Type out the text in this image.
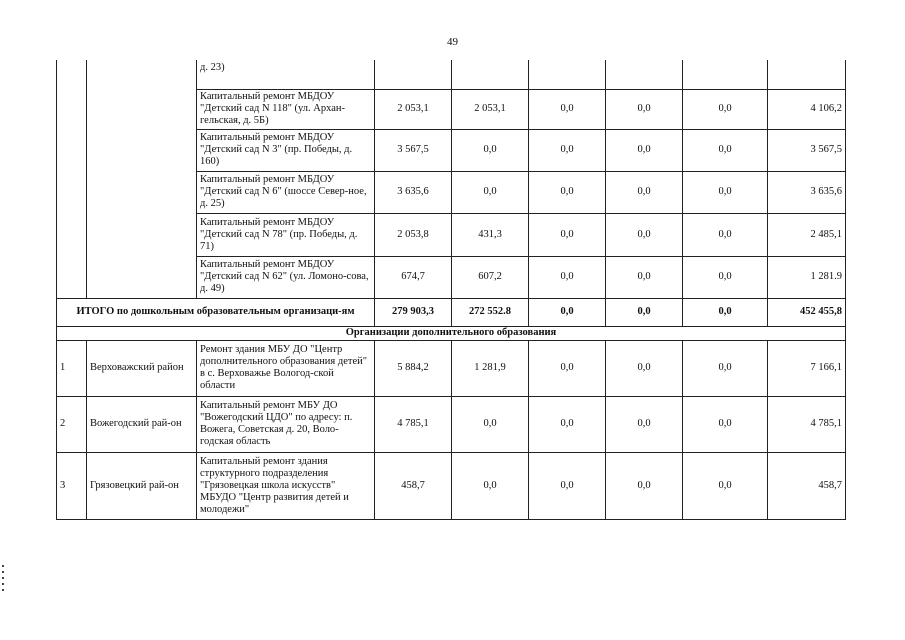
49
		д. 23)						
		Капитальный ремонт МБДОУ "Детский сад N 118" (ул. Архан-гельская, д. 5Б)	2 053,1	2 053,1	0,0	0,0	0,0	4 106,2
		Капитальный ремонт МБДОУ "Детский сад N 3" (пр. Победы, д. 160)	3 567,5	0,0	0,0	0,0	0,0	3 567,5
		Капитальный ремонт МБДОУ "Детский сад N 6" (шоссе Север-ное, д. 25)	3 635,6	0,0	0,0	0,0	0,0	3 635,6
		Капитальный ремонт МБДОУ "Детский сад N 78" (пр. Победы, д. 71)	2 053,8	431,3	0,0	0,0	0,0	2 485,1
		Капитальный ремонт МБДОУ "Детский сад N 62" (ул. Ломоно-сова, д. 49)	674,7	607,2	0,0	0,0	0,0	1 281.9
ИТОГО по дошкольным образовательным организаци-ям			279 903,3	272 552.8	0,0	0,0	0,0	452 455,8
Организации дополнительного образования								
1	Верховажский район	Ремонт здания МБУ ДО "Центр дополнительного образования детей" в с. Верховажье Вологод-ской области	5 884,2	1 281,9	0,0	0,0	0,0	7 166,1
2	Вожегодский рай-он	Капитальный ремонт МБУ ДО "Вожегодский ЦДО" по адресу: п. Вожега, Советская д. 20, Воло-годская область	4 785,1	0,0	0,0	0,0	0,0	4 785,1
3	Грязовецкий рай-он	Капитальный ремонт здания структурного подразделения "Грязовецкая школа искусств" МБУДО "Центр развития детей и молодежи"	458,7	0,0	0,0	0,0	0,0	458,7
